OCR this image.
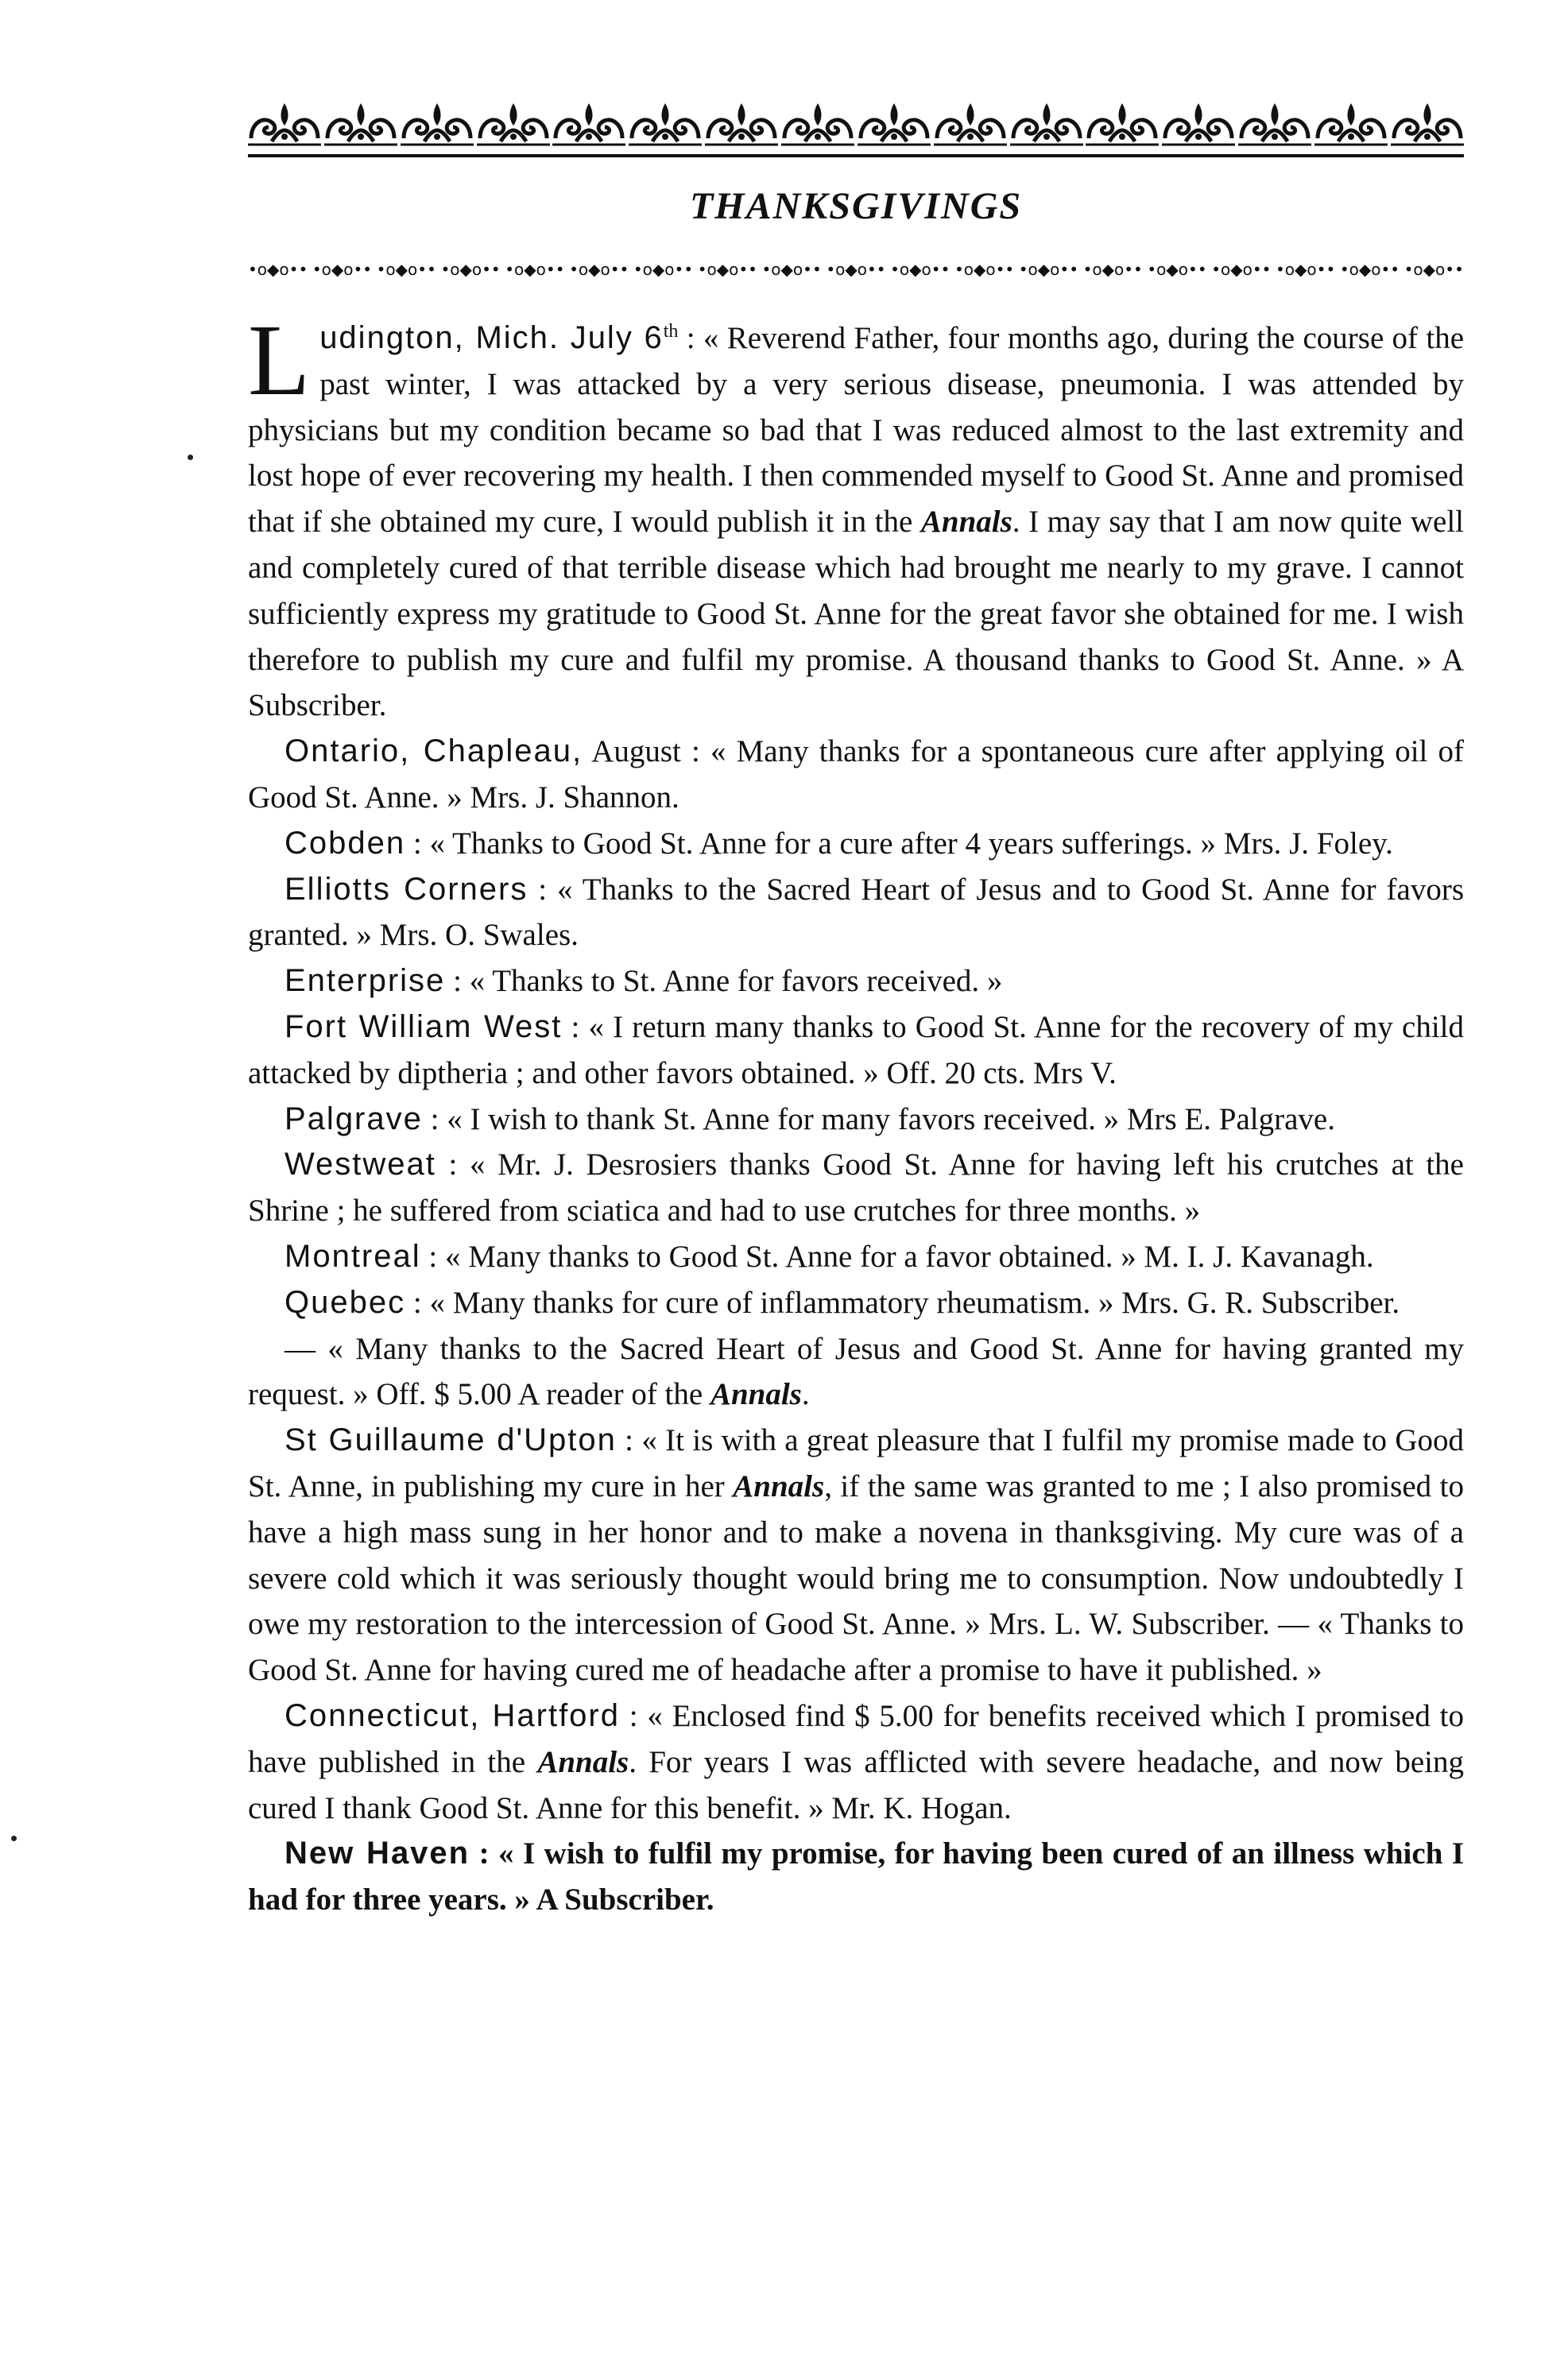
THANKSGIVINGS
•o◆o•• •o◆o•• •o◆o•• •o◆o•• •o◆o•• •o◆o•• •o◆o•• •o◆o•• •o◆o•• •o◆o•• •o◆o•• •o◆o•• •o◆o•• •o◆o•• •o◆o•• •o◆o•• •o◆o•• •o◆o•• •o◆o••

Ludington, Mich. July 6th : « Reverend Father, four months ago, during the course of the past winter, I was attacked by a very serious disease, pneumonia. I was attended by physicians but my condition became so bad that I was reduced almost to the last extremity and lost hope of ever recovering my health. I then commended myself to Good St. Anne and promised that if she obtained my cure, I would publish it in the Annals. I may say that I am now quite well and completely cured of that terrible disease which had brought me nearly to my grave. I cannot sufficiently express my gratitude to Good St. Anne for the great favor she obtained for me. I wish therefore to publish my cure and fulfil my promise. A thousand thanks to Good St. Anne. » A Subscriber.

Ontario, Chapleau, August : « Many thanks for a spontaneous cure after applying oil of Good St. Anne. » Mrs. J. Shannon.

Cobden : « Thanks to Good St. Anne for a cure after 4 years sufferings. » Mrs. J. Foley.

Elliotts Corners : « Thanks to the Sacred Heart of Jesus and to Good St. Anne for favors granted. » Mrs. O. Swales.

Enterprise : « Thanks to St. Anne for favors received. »

Fort William West : « I return many thanks to Good St. Anne for the recovery of my child attacked by diptheria ; and other favors obtained. » Off. 20 cts. Mrs V.

Palgrave : « I wish to thank St. Anne for many favors received. » Mrs E. Palgrave.

Westweat : « Mr. J. Desrosiers thanks Good St. Anne for having left his crutches at the Shrine ; he suffered from sciatica and had to use crutches for three months. »

Montreal : « Many thanks to Good St. Anne for a favor obtained. » M. I. J. Kavanagh.

Quebec : « Many thanks for cure of inflammatory rheumatism. » Mrs. G. R. Subscriber.

— « Many thanks to the Sacred Heart of Jesus and Good St. Anne for having granted my request. » Off. $ 5.00 A reader of the Annals.

St Guillaume d'Upton : « It is with a great pleasure that I fulfil my promise made to Good St. Anne, in publishing my cure in her Annals, if the same was granted to me ; I also promised to have a high mass sung in her honor and to make a novena in thanksgiving. My cure was of a severe cold which it was seriously thought would bring me to consumption. Now undoubtedly I owe my restoration to the intercession of Good St. Anne. » Mrs. L. W. Subscriber. — « Thanks to Good St. Anne for having cured me of headache after a promise to have it published. »

Connecticut, Hartford : « Enclosed find $ 5.00 for benefits received which I promised to have published in the Annals. For years I was afflicted with severe headache, and now being cured I thank Good St. Anne for this benefit. » Mr. K. Hogan.

New Haven : « I wish to fulfil my promise, for having been cured of an illness which I had for three years. » A Subscriber.
